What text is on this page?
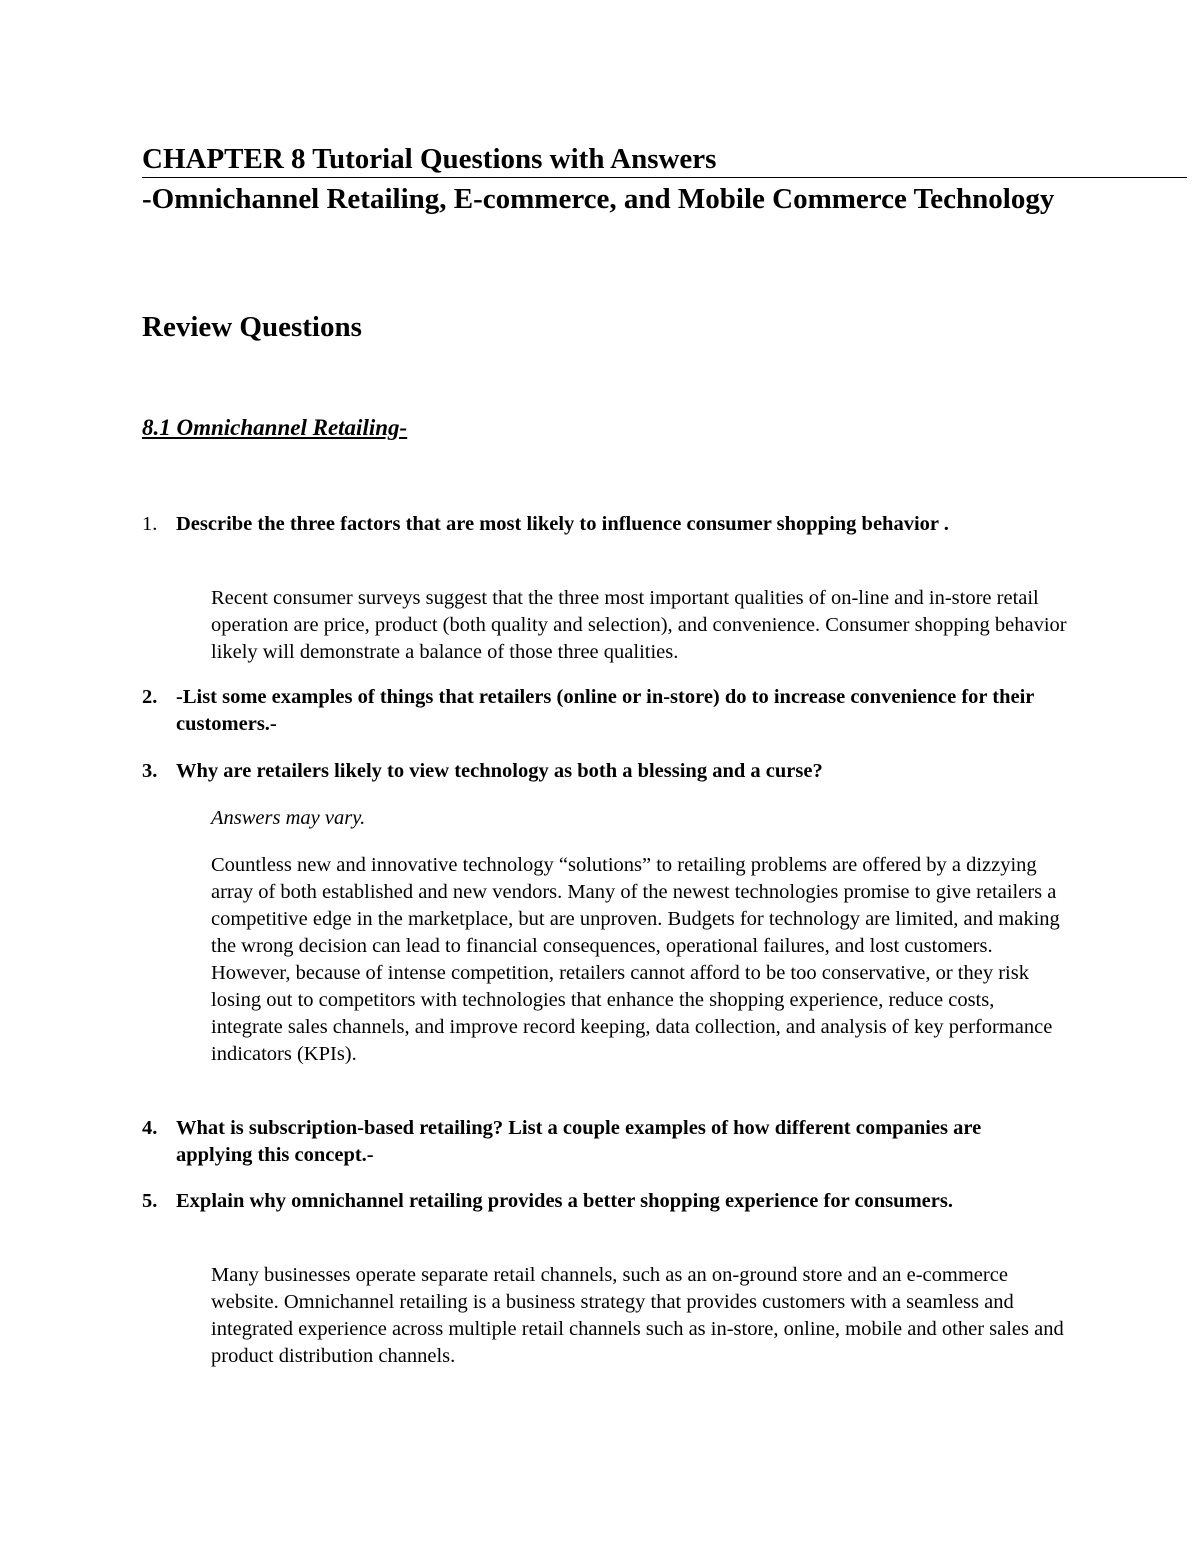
CHAPTER 8 Tutorial Questions with Answers
-Omnichannel Retailing, E-commerce, and Mobile Commerce Technology
Review Questions
8.1 Omnichannel Retailing-
1. Describe the three factors that are most likely to influence consumer shopping behavior .
Recent consumer surveys suggest that the three most important qualities of on-line and in-store retail operation are price, product (both quality and selection), and convenience. Consumer shopping behavior likely will demonstrate a balance of those three qualities.
2. -List some examples of things that retailers (online or in-store) do to increase convenience for their customers.-
3. Why are retailers likely to view technology as both a blessing and a curse?
Answers may vary.
Countless new and innovative technology “solutions” to retailing problems are offered by a dizzying array of both established and new vendors. Many of the newest technologies promise to give retailers a competitive edge in the marketplace, but are unproven. Budgets for technology are limited, and making the wrong decision can lead to financial consequences, operational failures, and lost customers. However, because of intense competition, retailers cannot afford to be too conservative, or they risk losing out to competitors with technologies that enhance the shopping experience, reduce costs, integrate sales channels, and improve record keeping, data collection, and analysis of key performance indicators (KPIs).
4. What is subscription-based retailing? List a couple examples of how different companies are applying this concept.-
5. Explain why omnichannel retailing provides a better shopping experience for consumers.
Many businesses operate separate retail channels, such as an on-ground store and an e-commerce website. Omnichannel retailing is a business strategy that provides customers with a seamless and integrated experience across multiple retail channels such as in-store, online, mobile and other sales and product distribution channels.
